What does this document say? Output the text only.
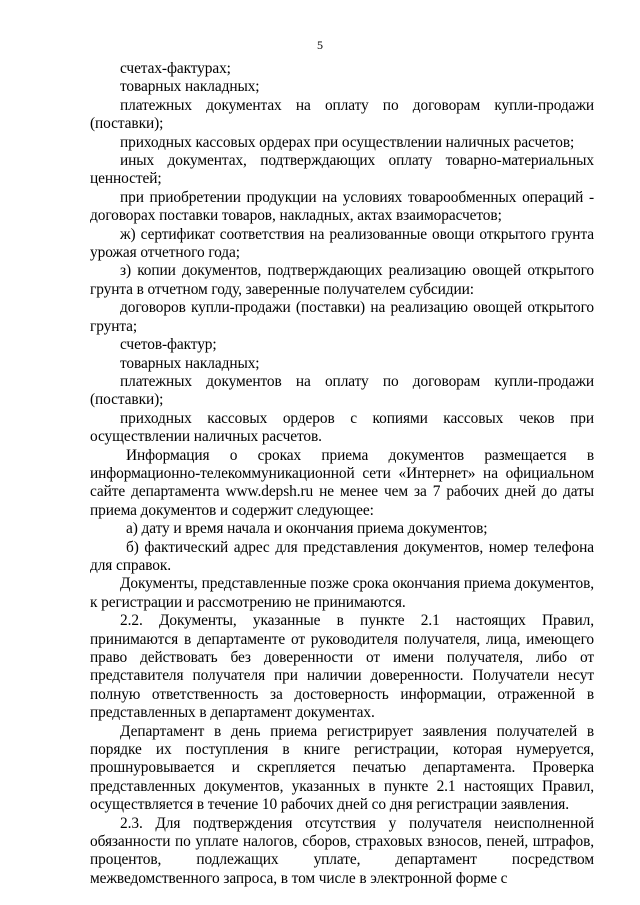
5

счетах-фактурах;

товарных накладных;

платежных документах на оплату по договорам купли-продажи (поставки);

приходных кассовых ордерах при осуществлении наличных расчетов;

иных документах, подтверждающих оплату товарно-материальных ценностей;

при приобретении продукции на условиях товарообменных операций - договорах поставки товаров, накладных, актах взаиморасчетов;

ж) сертификат соответствия на реализованные овощи открытого грунта урожая отчетного года;

з) копии документов, подтверждающих реализацию овощей открытого грунта в отчетном году, заверенные получателем субсидии:

договоров купли-продажи (поставки) на реализацию овощей открытого грунта;

счетов-фактур;

товарных накладных;

платежных документов на оплату по договорам купли-продажи (поставки);

приходных кассовых ордеров с копиями кассовых чеков при осуществлении наличных расчетов.

Информация о сроках приема документов размещается в информационно-телекоммуникационной сети «Интернет» на официальном сайте департамента www.depsh.ru не менее чем за 7 рабочих дней до даты приема документов и содержит следующее:

а) дату и время начала и окончания приема документов;

б) фактический адрес для представления документов, номер телефона для справок.

Документы, представленные позже срока окончания приема документов, к регистрации и рассмотрению не принимаются.

2.2. Документы, указанные в пункте 2.1 настоящих Правил, принимаются в департаменте от руководителя получателя, лица, имеющего право действовать без доверенности от имени получателя, либо от представителя получателя при наличии доверенности. Получатели несут полную ответственность за достоверность информации, отраженной в представленных в департамент документах.

Департамент в день приема регистрирует заявления получателей в порядке их поступления в книге регистрации, которая нумеруется, прошнуровывается и скрепляется печатью департамента. Проверка представленных документов, указанных в пункте 2.1 настоящих Правил, осуществляется в течение 10 рабочих дней со дня регистрации заявления.

2.3. Для подтверждения отсутствия у получателя неисполненной обязанности по уплате налогов, сборов, страховых взносов, пеней, штрафов, процентов, подлежащих уплате, департамент посредством межведомственного запроса, в том числе в электронной форме с
